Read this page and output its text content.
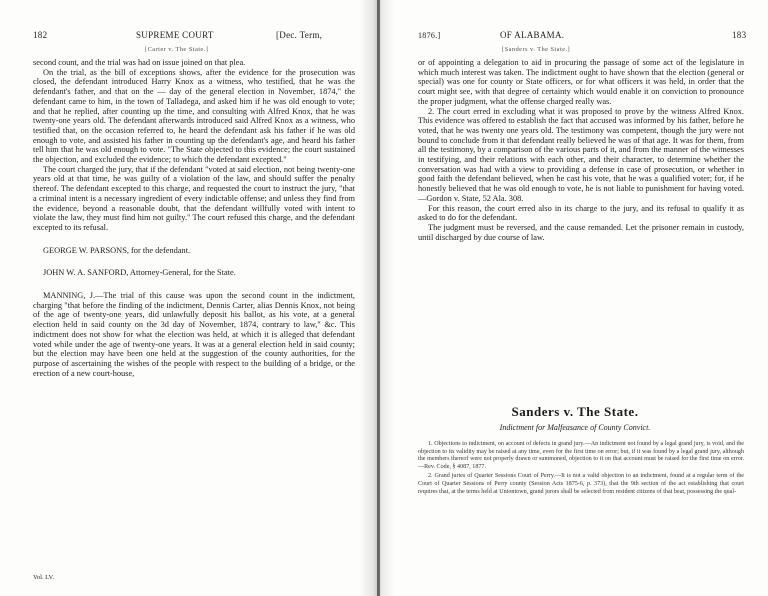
182	SUPREME COURT	[Dec. Term,
[Carter v. The State.]

second count, and the trial was had on issue joined on that plea.

On the trial, as the bill of exceptions shows, after the evidence for the prosecution was closed, the defendant introduced Harry Knox as a witness, who testified, that he was the defendant's father, and that on the — day of the general election in November, 1874," the defendant came to him, in the town of Talladega, and asked him if he was old enough to vote; and that he replied, after counting up the time, and consulting with Alfred Knox, that he was twenty-one years old. The defendant afterwards introduced said Alfred Knox as a witness, who testified that, on the occasion referred to, he heard the defendant ask his father if he was old enough to vote, and assisted his father in counting up the defendant's age, and heard his father tell him that he was old enough to vote. "The State objected to this evidence; the court sustained the objection, and excluded the evidence; to which the defendant excepted."

The court charged the jury, that if the defendant "voted at said election, not being twenty-one years old at that time, he was guilty of a violation of the law, and should suffer the penalty thereof. The defendant excepted to this charge, and requested the court to instruct the jury, "that a criminal intent is a necessary ingredient of every indictable offense; and unless they find from the evidence, beyond a reasonable doubt, that the defendant willfully voted with intent to violate the law, they must find him not guilty." The court refused this charge, and the defendant excepted to its refusal.

GEORGE W. PARSONS, for the defendant.

JOHN W. A. SANFORD, Attorney-General, for the State.

MANNING, J.—The trial of this cause was upon the second count in the indictment, charging "that before the finding of the indictment, Dennis Carter, alias Dennis Knox, not being of the age of twenty-one years, did unlawfully deposit his ballot, as his vote, at a general election held in said county on the 3d day of November, 1874, contrary to law," &c. This indictment does not show for what the election was held, at which it is alleged that defendant voted while under the age of twenty-one years. It was at a general election held in said county; but the election may have been one held at the suggestion of the county authorities, for the purpose of ascertaining the wishes of the people with respect to the building of a bridge, or the erection of a new court-house,

Vol. LV.
1876.]	OF ALABAMA.	183
[Sanders v. The State.]

or of appointing a delegation to aid in procuring the passage of some act of the legislature in which much interest was taken. The indictment ought to have shown that the election (general or special) was one for county or State officers, or for what officers it was held, in order that the court might see, with that degree of certainty which would enable it on conviction to pronounce the proper judgment, what the offense charged really was.

2. The court erred in excluding what it was proposed to prove by the witness Alfred Knox. This evidence was offered to establish the fact that accused was informed by his father, before he voted, that he was twenty one years old. The testimony was competent, though the jury were not bound to conclude from it that defendant really believed he was of that age. It was for them, from all the testimony, by a comparison of the various parts of it, and from the manner of the witnesses in testifying, and their relations with each other, and their character, to determine whether the conversation was had with a view to providing a defense in case of prosecution, or whether in good faith the defendant believed, when he cast his vote, that he was a qualified voter; for, if he honestly believed that he was old enough to vote, he is not liable to punishment for having voted.—Gordon v. State, 52 Ala. 308.

For this reason, the court erred also in its charge to the jury, and its refusal to qualify it as asked to do for the defendant.

The judgment must be reversed, and the cause remanded. Let the prisoner remain in custody, until discharged by due course of law.

Sanders v. The State.
Indictment for Malfeasance of County Convict.

1. Objections to indictment, on account of defects in grand jury.—An indictment not found by a legal grand jury, is void, and the objection to its validity may be raised at any time, even for the first time on error; but, if it was found by a legal grand jury, although the members thereof were not properly drawn or summoned, objection to it on that account must be raised for the first time on error.—Rev. Code, § 4087, 1877.

2. Grand juries of Quarter Sessions Court of Perry.—It is not a valid objection to an indictment, found at a regular term of the Court of Quarter Sessions of Perry county (Session Acts 1875-6, p. 373), that the 9th section of the act establishing that court requires that, at the terms held at Uniontown, grand jurors shall be selected from resident citizens of that beat, possessing the qual-
